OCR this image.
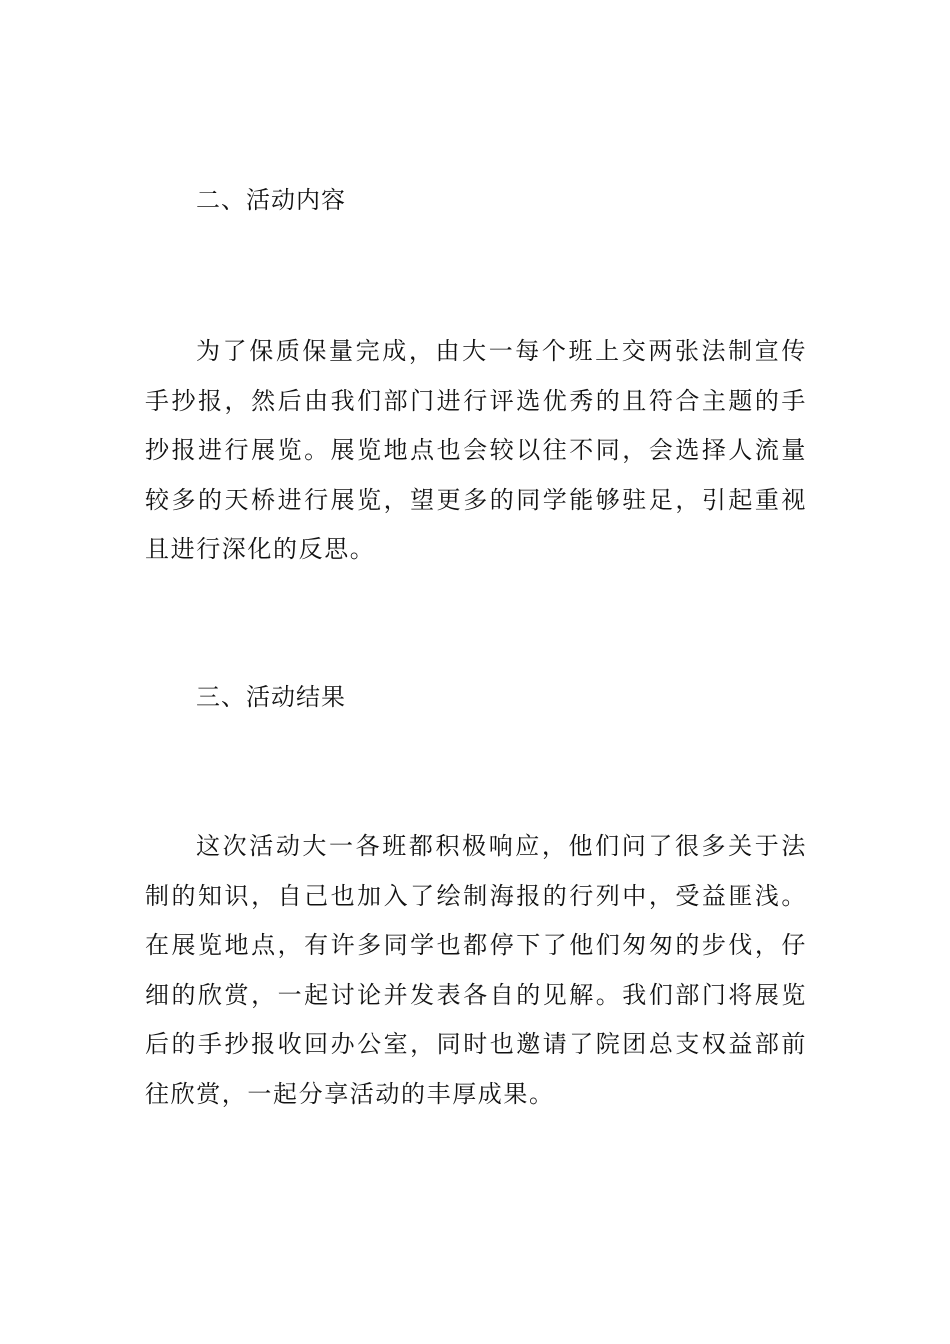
二、活动内容

为了保质保量完成，由大一每个班上交两张法制宣传手抄报，然后由我们部门进行评选优秀的且符合主题的手抄报进行展览。展览地点也会较以往不同，会选择人流量较多的天桥进行展览，望更多的同学能够驻足，引起重视且进行深化的反思。

三、活动结果

这次活动大一各班都积极响应，他们问了很多关于法制的知识，自己也加入了绘制海报的行列中，受益匪浅。在展览地点，有许多同学也都停下了他们匆匆的步伐，仔细的欣赏，一起讨论并发表各自的见解。我们部门将展览后的手抄报收回办公室，同时也邀请了院团总支权益部前往欣赏，一起分享活动的丰厚成果。
